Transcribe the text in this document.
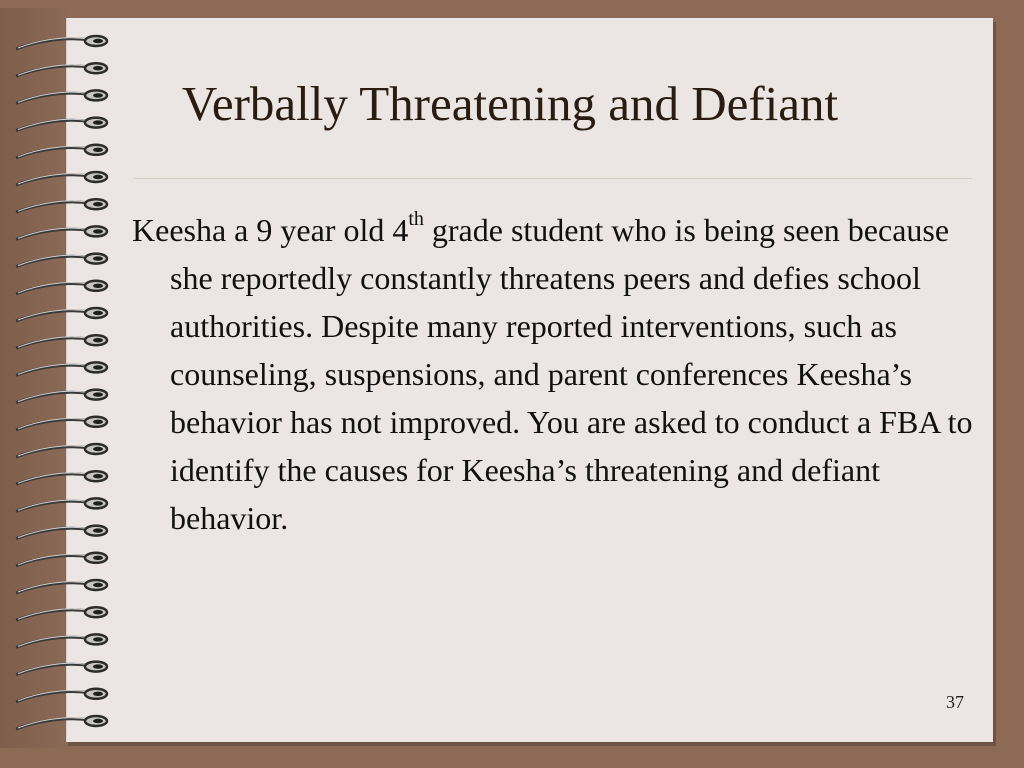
Verbally Threatening and Defiant

Keesha a 9 year old 4th grade student who is being seen because she reportedly constantly threatens peers and defies school authorities. Despite many reported interventions, such as counseling, suspensions, and parent conferences Keesha’s behavior has not improved. You are asked to conduct a FBA to identify the causes for Keesha’s threatening and defiant behavior.

37
